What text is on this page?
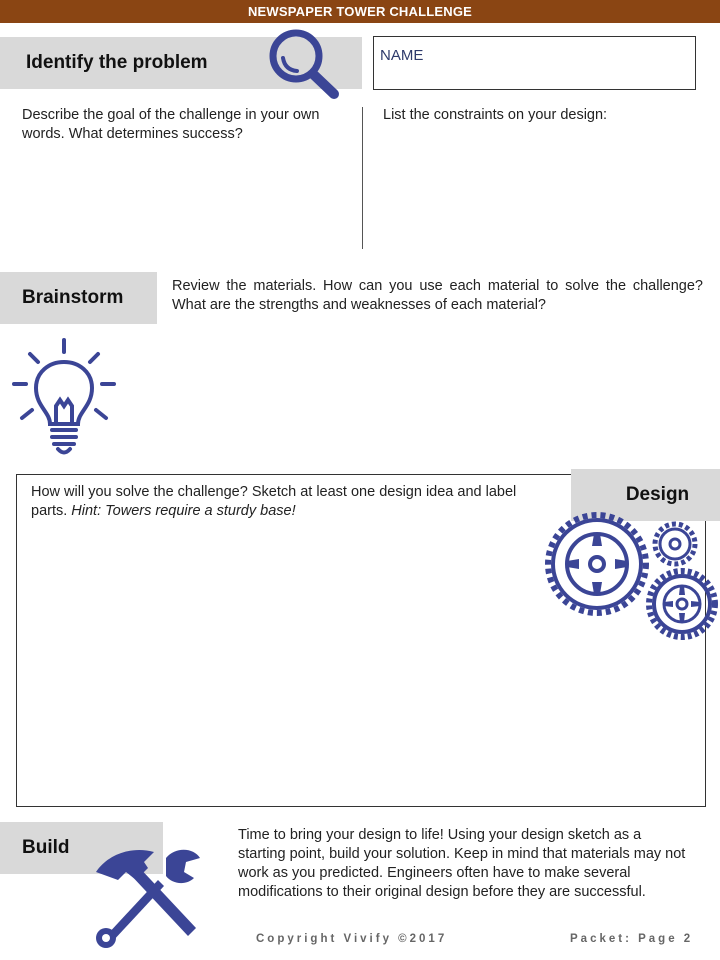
NEWSPAPER TOWER CHALLENGE
Identify the problem	NAME
Describe the goal of the challenge in your own words. What determines success?
List the constraints on your design:
Brainstorm
Review the materials. How can you use each material to solve the challenge? What are the strengths and weaknesses of each material?
How will you solve the challenge? Sketch at least one design idea and label parts. Hint: Towers require a sturdy base!
Design
Build
Time to bring your design to life! Using your design sketch as a starting point, build your solution. Keep in mind that materials may not work as you predicted. Engineers often have to make several modifications to their original design before they are successful.
Copyright Vivify ©2017	Packet: Page 2
